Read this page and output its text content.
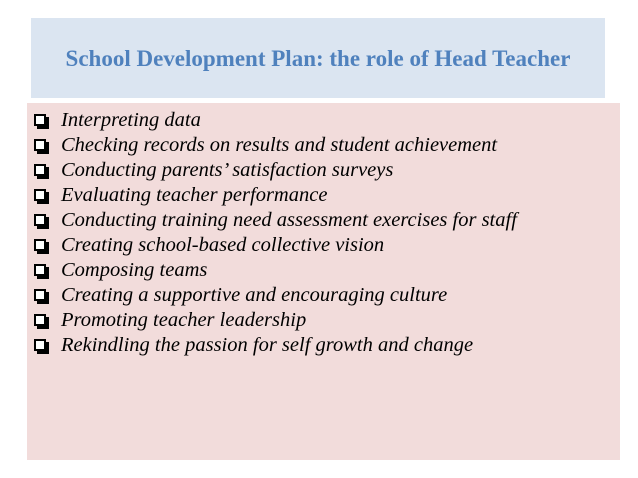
School Development Plan: the role of Head Teacher
Interpreting data
Checking records on results and student achievement
Conducting parents’ satisfaction surveys
Evaluating teacher performance
Conducting training need assessment exercises for staff
Creating school-based collective vision
Composing teams
Creating a supportive and encouraging culture
Promoting teacher leadership
Rekindling the passion for self growth and change
